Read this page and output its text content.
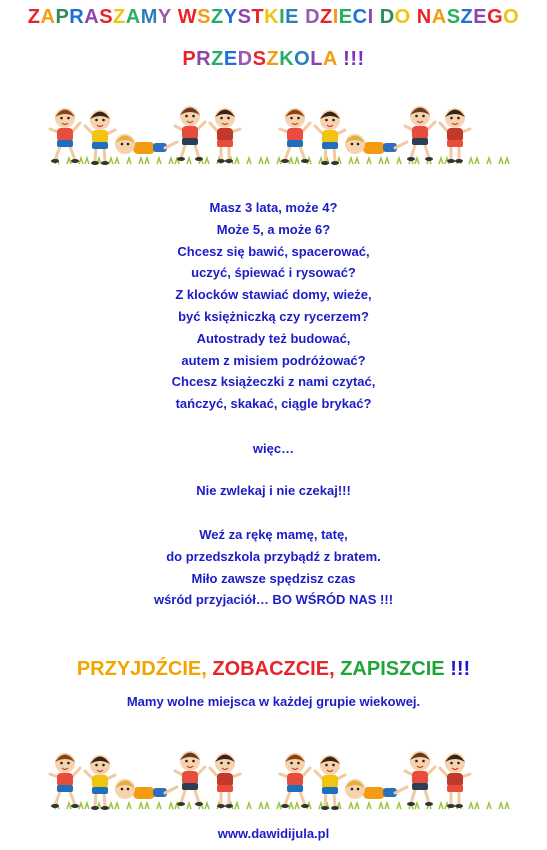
ZAPRASZAMY WSZYSTKIE DZIECI DO NASZEGO
PRZEDSZKOLA !!!
Masz 3 lata, może 4?
Może 5, a może 6?
Chcesz się bawić, spacerować,
uczyć, śpiewać i rysować?
Z klocków stawiać domy, wieże,
być księżniczką czy rycerzem?
Autostrady też budować,
autem z misiem podróżować?
Chcesz książeczki z nami czytać,
tańczyć, skakać, ciągle brykać?
więc…
Nie zwlekaj i nie czekaj!!!
Weź za rękę mamę, tatę,
do przedszkola przybądź z bratem.
Miło zawsze spędzisz czas
wśród przyjaciół… BO WŚRÓD NAS !!!
PRZYJDŹCIE, ZOBACZCIE, ZAPISZCIE !!!
Mamy wolne miejsca w każdej grupie wiekowej.
www.dawidijula.pl
